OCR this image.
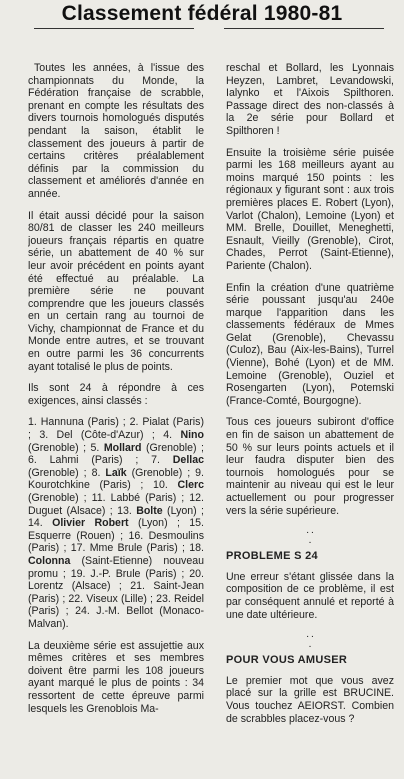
Classement fédéral 1980-81

Toutes les années, à l'issue des championnats du Monde, la Fédération française de scrabble, prenant en compte les résultats des divers tournois homologués disputés pendant la saison, établit le classement des joueurs à partir de certains critères préalablement définis par la commission du classement et améliorés d'année en année.

Il était aussi décidé pour la saison 80/81 de classer les 240 meilleurs joueurs français répartis en quatre série, un abattement de 40 % sur leur avoir précédent en points ayant été effectué au préalable. La première série ne pouvant comprendre que les joueurs classés en un certain rang au tournoi de Vichy, championnat de France et du Monde entre autres, et se trouvant en outre parmi les 36 concurrents ayant totalisé le plus de points.

Ils sont 24 à répondre à ces exigences, ainsi classés :

1. Hannuna (Paris) ; 2. Pialat (Paris) ; 3. Del (Côte-d'Azur) ; 4. Nino (Grenoble) ; 5. Mollard (Grenoble) ; 6. Lahmi (Paris) ; 7. Dellac (Grenoble) ; 8. Laïk (Grenoble) ; 9. Kourotchkine (Paris) ; 10. Clerc (Grenoble) ; 11. Labbé (Paris) ; 12. Duguet (Alsace) ; 13. Bolte (Lyon) ; 14. Olivier Robert (Lyon) ; 15. Esquerre (Rouen) ; 16. Desmoulins (Paris) ; 17. Mme Brule (Paris) ; 18. Colonna (Saint-Etienne) nouveau promu ; 19. J.-P. Brule (Paris) ; 20. Lorentz (Alsace) ; 21. Saint-Jean (Paris) ; 22. Viseux (Lille) ; 23. Reidel (Paris) ; 24. J.-M. Bellot (Monaco-Malvan).

La deuxième série est assujettie aux mêmes critères et ses membres doivent être parmi les 108 joueurs ayant marqué le plus de points : 34 ressortent de cette épreuve parmi lesquels les Grenoblois Ma-

reschal et Bollard, les Lyonnais Heyzen, Lambret, Levandowski, Ialynko et l'Aixois Spilthoren. Passage direct des non-classés à la 2e série pour Bollard et Spilthoren !

Ensuite la troisième série puisée parmi les 168 meilleurs ayant au moins marqué 150 points : les régionaux y figurant sont : aux trois premières places E. Robert (Lyon), Varlot (Chalon), Lemoine (Lyon) et MM. Brelle, Douillet, Meneghetti, Esnault, Vieilly (Grenoble), Cirot, Chades, Perrot (Saint-Etienne), Pariente (Chalon).

Enfin la création d'une quatrième série poussant jusqu'au 240e marque l'apparition dans les classements fédéraux de Mmes Gelat (Grenoble), Chevassu (Culoz), Bau (Aix-les-Bains), Turrel (Vienne), Bohé (Lyon) et de MM. Lemoine (Grenoble), Ouziel et Rosengarten (Lyon), Potemski (France-Comté, Bourgogne).

Tous ces joueurs subiront d'office en fin de saison un abattement de 50 % sur leurs points actuels et il leur faudra disputer bien des tournois homologués pour se maintenir au niveau qui est le leur actuellement ou pour progresser vers la série supérieure.

. .
.
PROBLEME S 24

Une erreur s'étant glissée dans la composition de ce problème, il est par conséquent annulé et reporté à une date ultérieure.

. .
.
POUR VOUS AMUSER

Le premier mot que vous avez placé sur la grille est BRUCINE. Vous touchez AEIORST. Combien de scrabbles placez-vous ?
